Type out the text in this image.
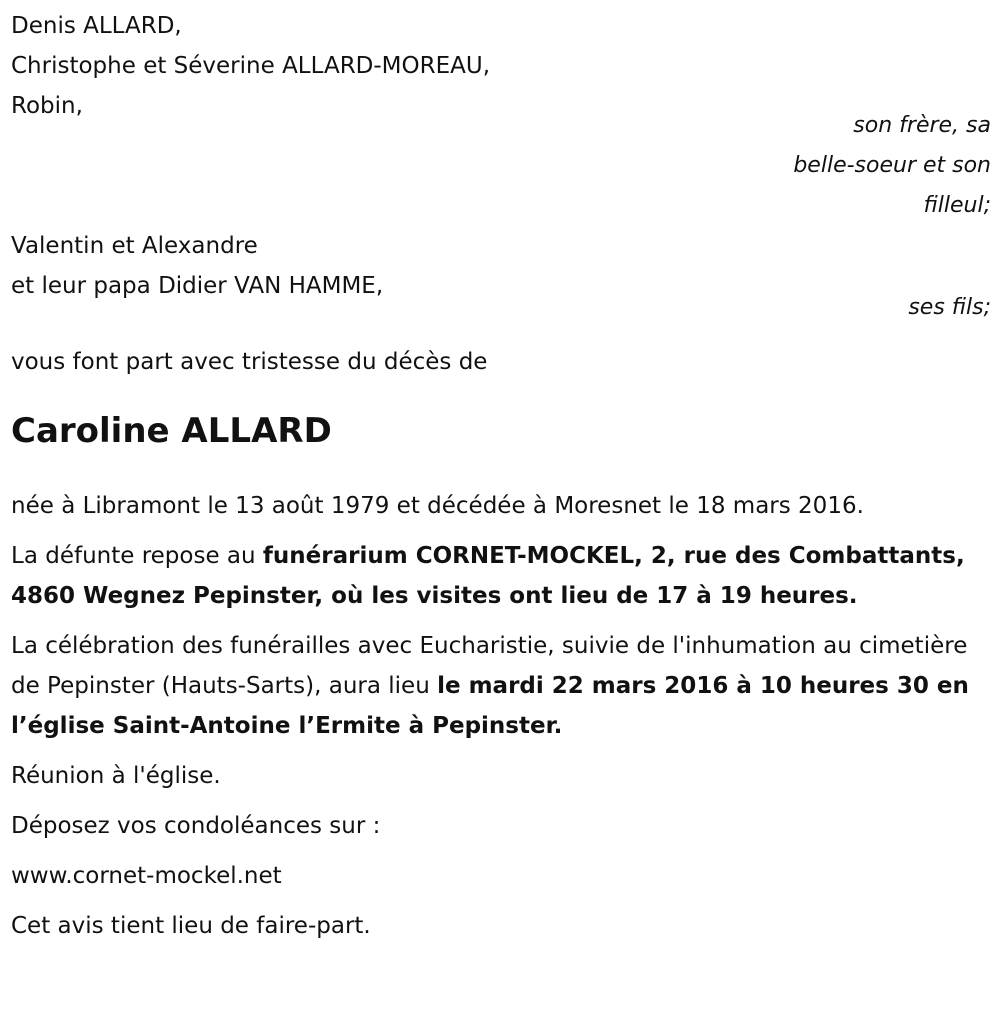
Denis ALLARD,
Christophe et Séverine ALLARD-MOREAU,
Robin,
son frère, sa
belle-soeur et son
filleul;
Valentin et Alexandre
et leur papa Didier VAN HAMME,
ses fils;
vous font part avec tristesse du décès de
Caroline ALLARD

née à Libramont le 13 août 1979 et décédée à Moresnet le 18 mars 2016.

La défunte repose au funérarium CORNET-MOCKEL, 2, rue des Combattants, 4860 Wegnez Pepinster, où les visites ont lieu de 17 à 19 heures.

La célébration des funérailles avec Eucharistie, suivie de l'inhumation au cimetière de Pepinster (Hauts-Sarts), aura lieu le mardi 22 mars 2016 à 10 heures 30 en l’église Saint-Antoine l’Ermite à Pepinster.

Réunion à l'église.

Déposez vos condoléances sur :

www.cornet-mockel.net

Cet avis tient lieu de faire-part.
